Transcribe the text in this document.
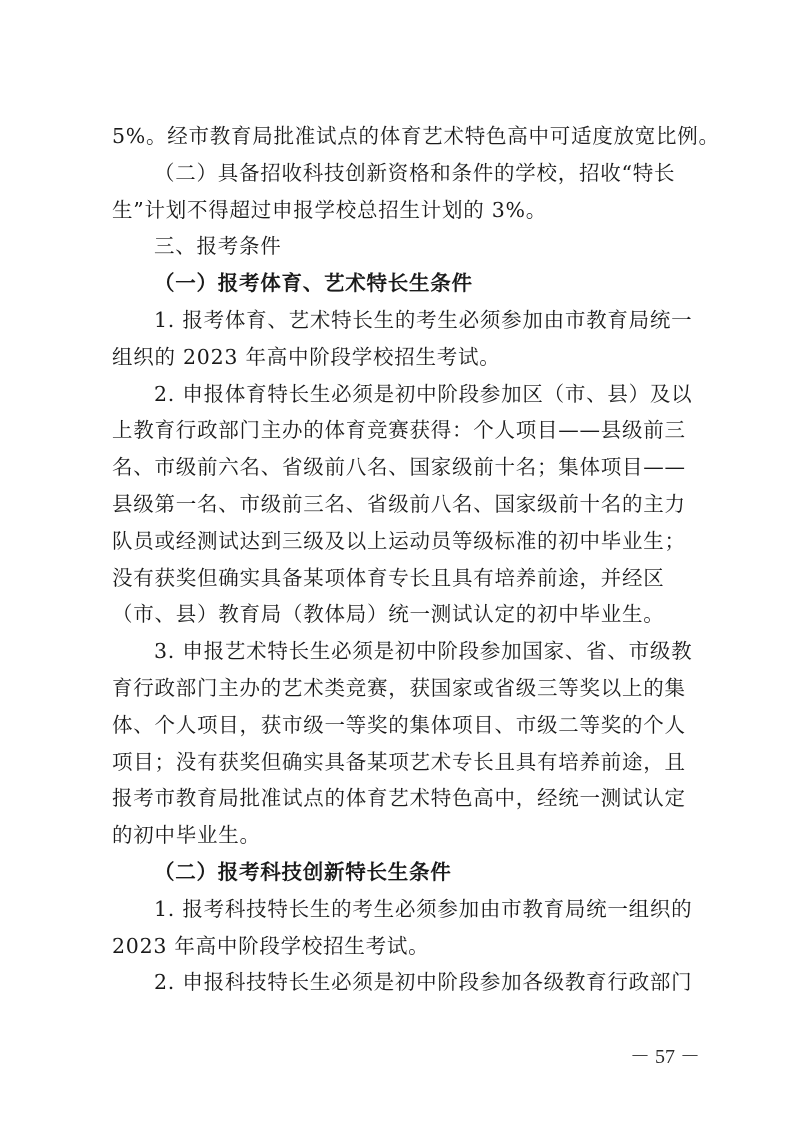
5%。经市教育局批准试点的体育艺术特色高中可适度放宽比例。
（二）具备招收科技创新资格和条件的学校，招收“特长
生”计划不得超过申报学校总招生计划的 3%。
三、报考条件
（一）报考体育、艺术特长生条件
1. 报考体育、艺术特长生的考生必须参加由市教育局统一
组织的 2023 年高中阶段学校招生考试。
2. 申报体育特长生必须是初中阶段参加区（市、县）及以
上教育行政部门主办的体育竞赛获得：个人项目——县级前三
名、市级前六名、省级前八名、国家级前十名；集体项目——
县级第一名、市级前三名、省级前八名、国家级前十名的主力
队员或经测试达到三级及以上运动员等级标准的初中毕业生；
没有获奖但确实具备某项体育专长且具有培养前途，并经区
（市、县）教育局（教体局）统一测试认定的初中毕业生。
3. 申报艺术特长生必须是初中阶段参加国家、省、市级教
育行政部门主办的艺术类竞赛，获国家或省级三等奖以上的集
体、个人项目，获市级一等奖的集体项目、市级二等奖的个人
项目；没有获奖但确实具备某项艺术专长且具有培养前途，且
报考市教育局批准试点的体育艺术特色高中，经统一测试认定
的初中毕业生。
（二）报考科技创新特长生条件
1. 报考科技特长生的考生必须参加由市教育局统一组织的
2023 年高中阶段学校招生考试。
2. 申报科技特长生必须是初中阶段参加各级教育行政部门
－ 57 －
